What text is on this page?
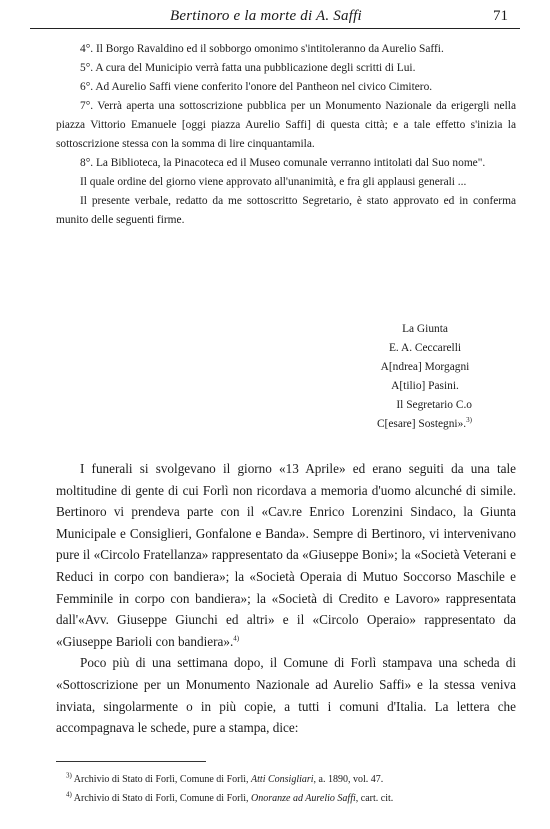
Bertinoro e la morte di A. Saffi	71

4°. Il Borgo Ravaldino ed il sobborgo omonimo s'intitoleranno da Aurelio Saffi.

5°. A cura del Municipio verrà fatta una pubblicazione degli scritti di Lui.

6°. Ad Aurelio Saffi viene conferito l'onore del Pantheon nel civico Cimitero.

7°. Verrà aperta una sottoscrizione pubblica per un Monumento Nazionale da erigergli nella piazza Vittorio Emanuele [oggi piazza Aurelio Saffi] di questa città; e a tale effetto s'inizia la sottoscrizione stessa con la somma di lire cinquantamila.

8°. La Biblioteca, la Pinacoteca ed il Museo comunale verranno intitolati dal Suo nome".

Il quale ordine del giorno viene approvato all'unanimità, e fra gli applausi generali ...

Il presente verbale, redatto da me sottoscritto Segretario, è stato approvato ed in conferma munito delle seguenti firme.

La Giunta
E. A. Ceccarelli
A[ndrea] Morgagni
A[tilio] Pasini.
Il Segretario C.o
C[esare] Sostegni».$^{3)}$

I funerali si svolgevano il giorno «13 Aprile» ed erano seguiti da una tale moltitudine di gente di cui Forlì non ricordava a memoria d'uomo alcunché di simile. Bertinoro vi prendeva parte con il «Cav.re Enrico Lorenzini Sindaco, la Giunta Municipale e Consiglieri, Gonfalone e Banda». Sempre di Bertinoro, vi intervenivano pure il «Circolo Fratellanza» rappresentato da «Giuseppe Boni»; la «Società Veterani e Reduci in corpo con bandiera»; la «Società Operaia di Mutuo Soccorso Maschile e Femminile in corpo con bandiera»; la «Società di Credito e Lavoro» rappresentata dall'«Avv. Giuseppe Giunchi ed altri» e il «Circolo Operaio» rappresentato da «Giuseppe Barioli con bandiera».$^{4)}$

Poco più di una settimana dopo, il Comune di Forlì stampava una scheda di «Sottoscrizione per un Monumento Nazionale ad Aurelio Saffi» e la stessa veniva inviata, singolarmente o in più copie, a tutti i comuni d'Italia. La lettera che accompagnava le schede, pure a stampa, dice:

$^{3)}$ Archivio di Stato di Forlì, Comune di Forlì, Atti Consigliari, a. 1890, vol. 47.
$^{4)}$ Archivio di Stato di Forlì, Comune di Forlì, Onoranze ad Aurelio Saffi, cart. cit.
